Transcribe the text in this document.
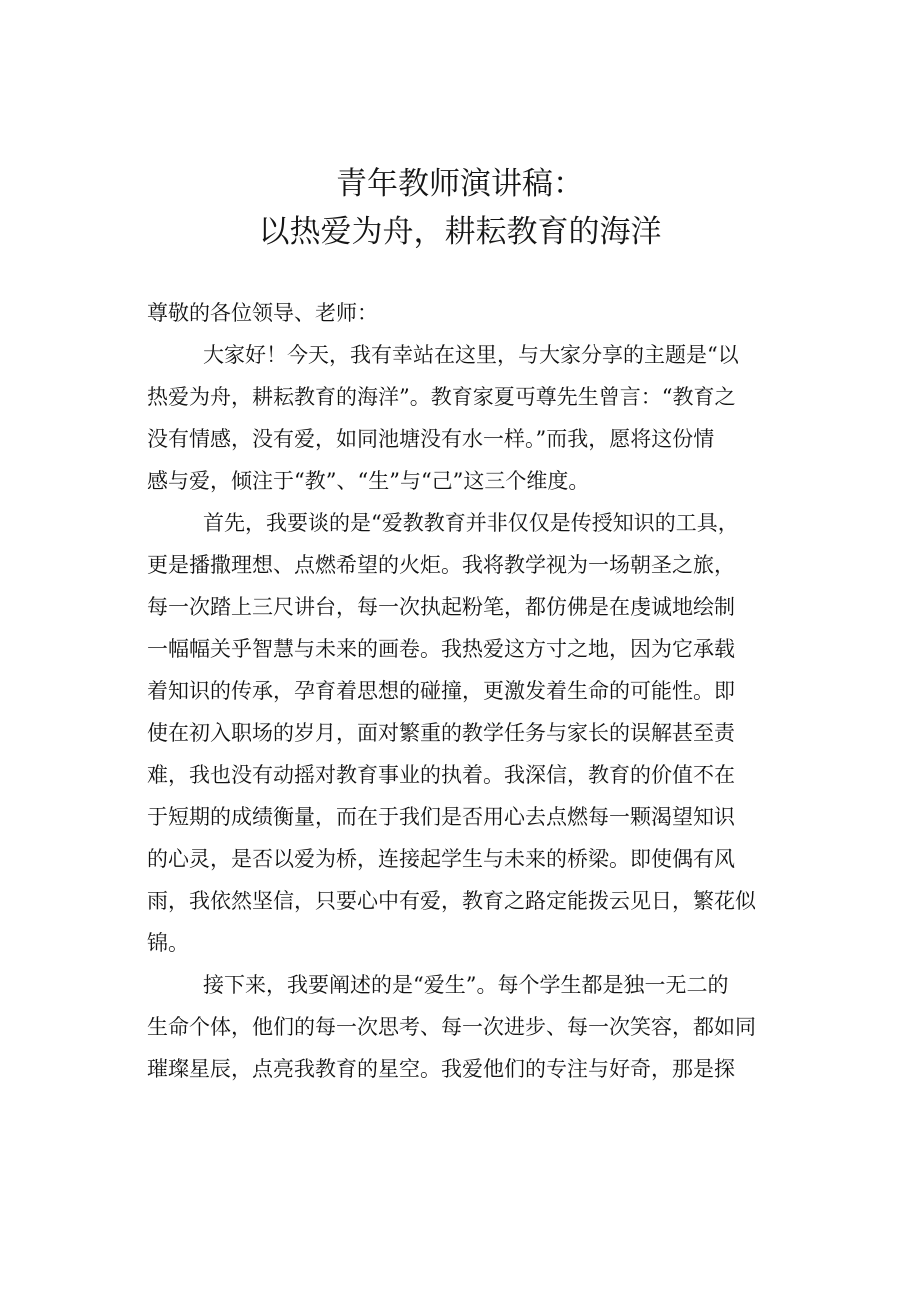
青年教师演讲稿：
以热爱为舟，耕耘教育的海洋

尊敬的各位领导、老师：

大家好！今天，我有幸站在这里，与大家分享的主题是“以
热爱为舟，耕耘教育的海洋”。教育家夏丏尊先生曾言：“教育之
没有情感，没有爱，如同池塘没有水一样。”而我，愿将这份情
感与爱，倾注于“教”、“生”与“己”这三个维度。

首先，我要谈的是“爱教教育并非仅仅是传授知识的工具，
更是播撒理想、点燃希望的火炬。我将教学视为一场朝圣之旅，
每一次踏上三尺讲台，每一次执起粉笔，都仿佛是在虔诚地绘制
一幅幅关乎智慧与未来的画卷。我热爱这方寸之地，因为它承载
着知识的传承，孕育着思想的碰撞，更激发着生命的可能性。即
使在初入职场的岁月，面对繁重的教学任务与家长的误解甚至责
难，我也没有动摇对教育事业的执着。我深信，教育的价值不在
于短期的成绩衡量，而在于我们是否用心去点燃每一颗渴望知识
的心灵，是否以爱为桥，连接起学生与未来的桥梁。即使偶有风
雨，我依然坚信，只要心中有爱，教育之路定能拨云见日，繁花似
锦。

接下来，我要阐述的是“爱生”。每个学生都是独一无二的
生命个体，他们的每一次思考、每一次进步、每一次笑容，都如同
璀璨星辰，点亮我教育的星空。我爱他们的专注与好奇，那是探
